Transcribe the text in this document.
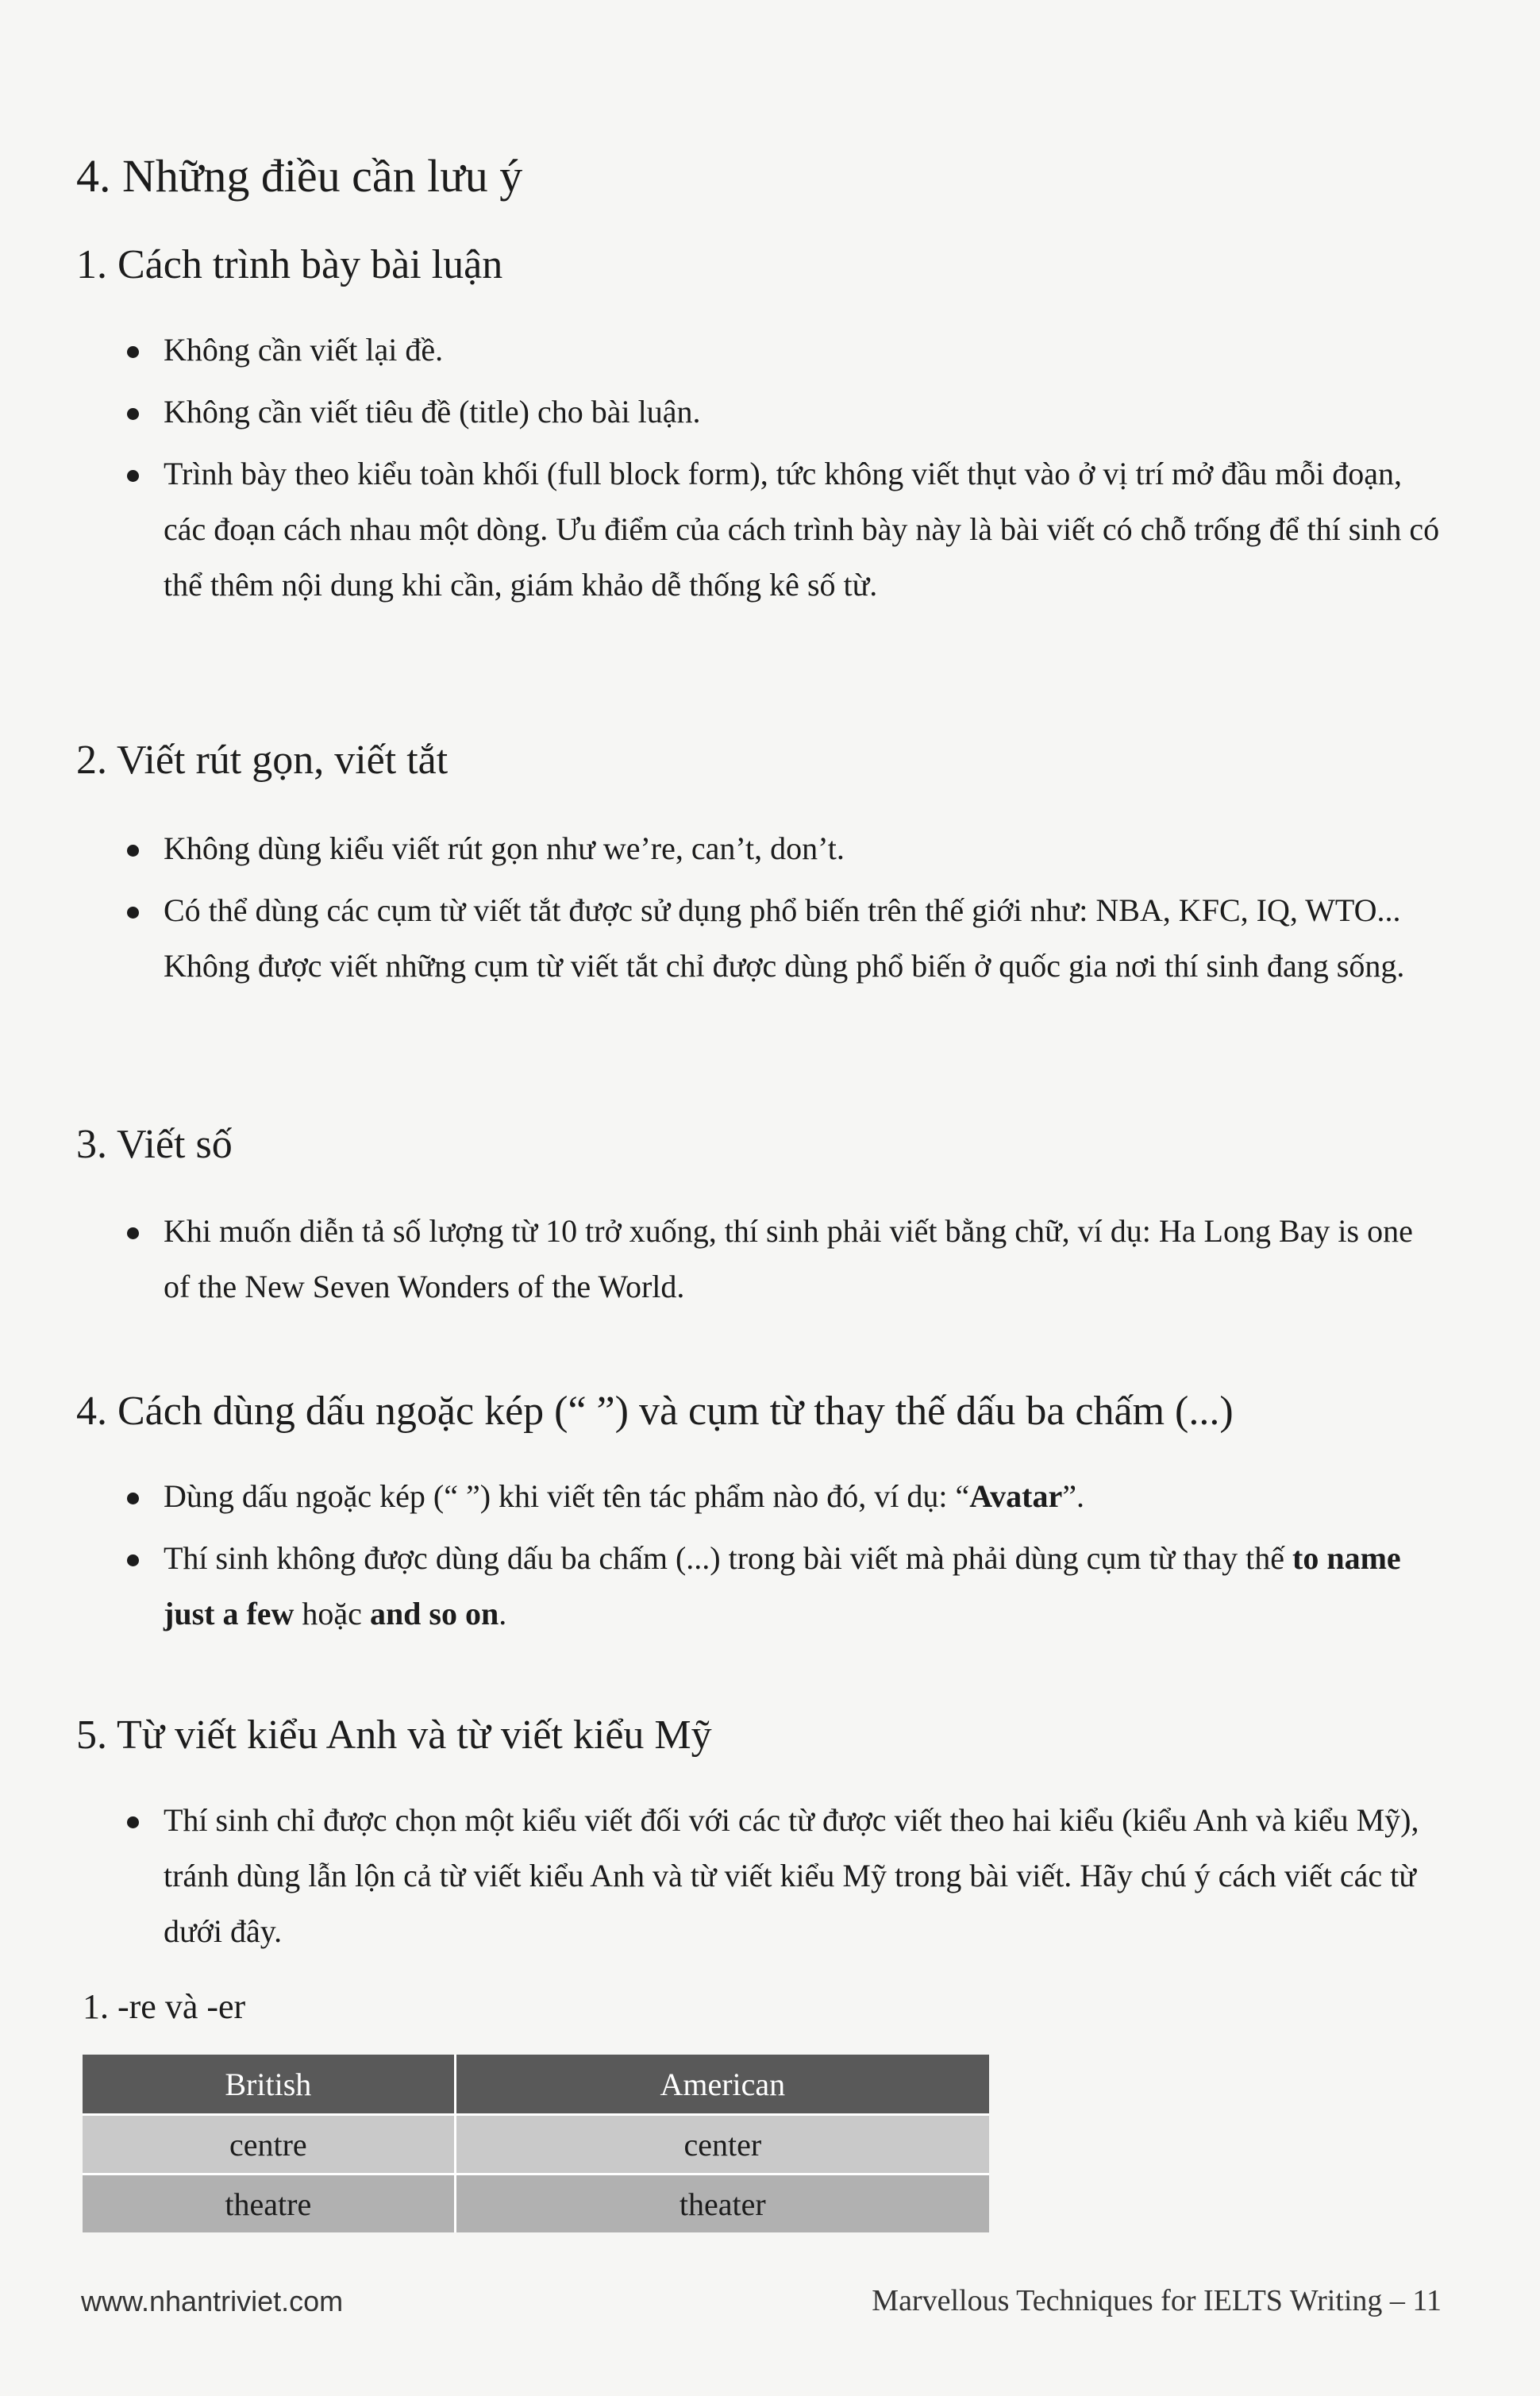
4. Những điều cần lưu ý
1. Cách trình bày bài luận
Không cần viết lại đề.
Không cần viết tiêu đề (title) cho bài luận.
Trình bày theo kiểu toàn khối (full block form), tức không viết thụt vào ở vị trí mở đầu mỗi đoạn, các đoạn cách nhau một dòng. Ưu điểm của cách trình bày này là bài viết có chỗ trống để thí sinh có thể thêm nội dung khi cần, giám khảo dễ thống kê số từ.
2. Viết rút gọn, viết tắt
Không dùng kiểu viết rút gọn như we’re, can’t, don’t.
Có thể dùng các cụm từ viết tắt được sử dụng phổ biến trên thế giới như: NBA, KFC, IQ, WTO... Không được viết những cụm từ viết tắt chỉ được dùng phổ biến ở quốc gia nơi thí sinh đang sống.
3. Viết số
Khi muốn diễn tả số lượng từ 10 trở xuống, thí sinh phải viết bằng chữ, ví dụ: Ha Long Bay is one of the New Seven Wonders of the World.
4. Cách dùng dấu ngoặc kép (“ ”) và cụm từ thay thế dấu ba chấm (...)
Dùng dấu ngoặc kép (“ ”) khi viết tên tác phẩm nào đó, ví dụ: “Avatar”.
Thí sinh không được dùng dấu ba chấm (...) trong bài viết mà phải dùng cụm từ thay thế to name just a few hoặc and so on.
5. Từ viết kiểu Anh và từ viết kiểu Mỹ
Thí sinh chỉ được chọn một kiểu viết đối với các từ được viết theo hai kiểu (kiểu Anh và kiểu Mỹ), tránh dùng lẫn lộn cả từ viết kiểu Anh và từ viết kiểu Mỹ trong bài viết. Hãy chú ý cách viết các từ dưới đây.
1. -re và -er
British	American
centre	center
theatre	theater
www.nhantriviet.com	Marvellous Techniques for IELTS Writing – 11
